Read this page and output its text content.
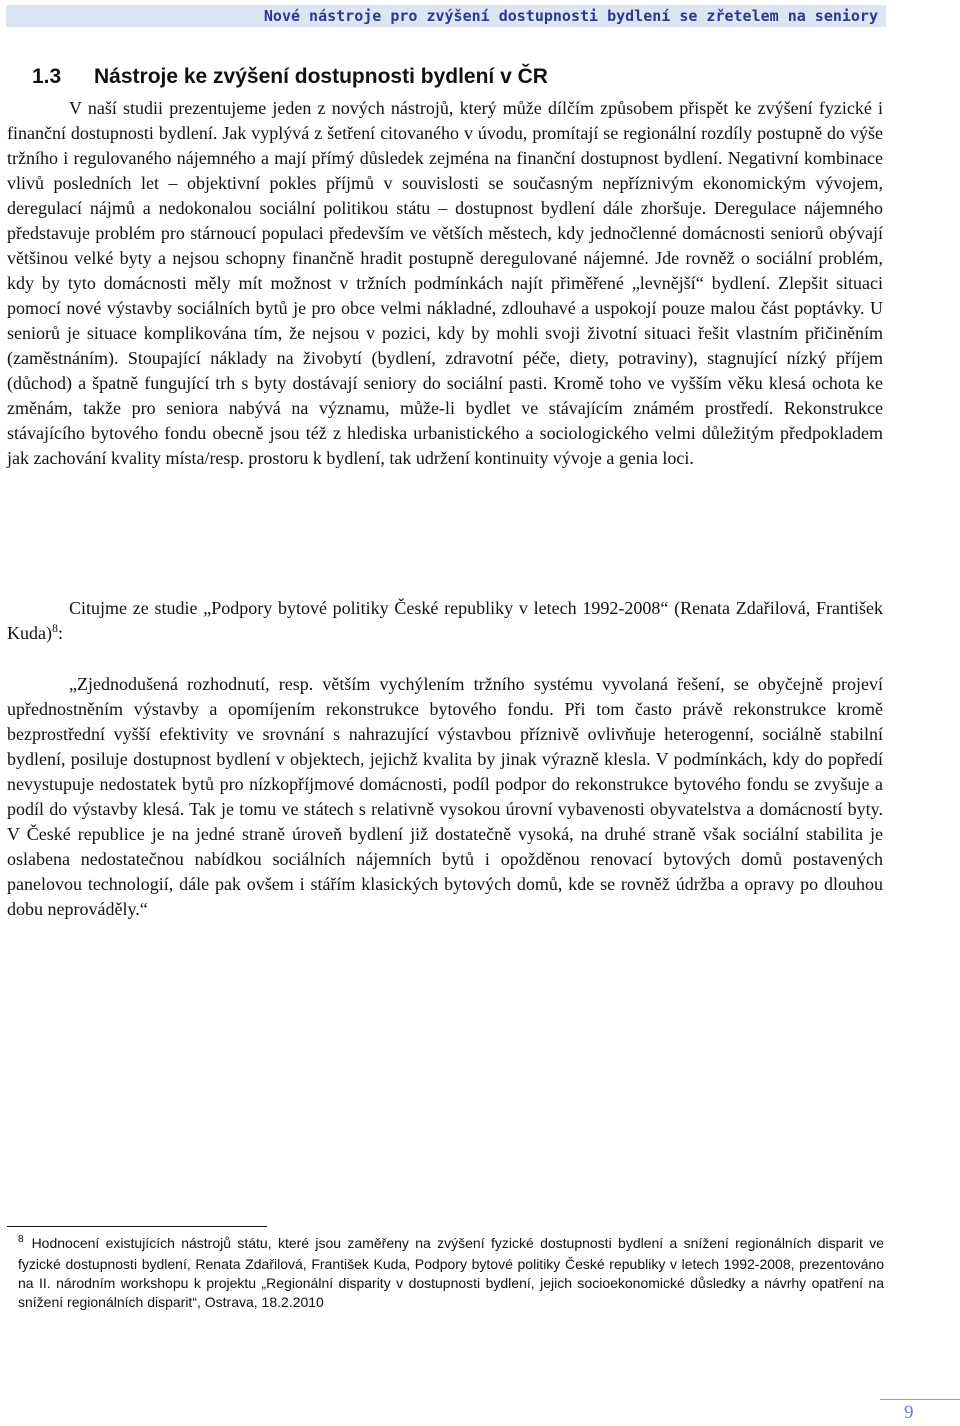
Nové nástroje pro zvýšení dostupnosti bydlení se zřetelem na seniory
1.3 Nástroje ke zvýšení dostupnosti bydlení v ČR

V naší studii prezentujeme jeden z nových nástrojů, který může dílčím způsobem přispět ke zvýšení fyzické i finanční dostupnosti bydlení. Jak vyplývá z šetření citovaného v úvodu, promítají se regionální rozdíly postupně do výše tržního i regulovaného nájemného a mají přímý důsledek zejména na finanční dostupnost bydlení. Negativní kombinace vlivů posledních let – objektivní pokles příjmů v souvislosti se současným nepříznivým ekonomickým vývojem, deregulací nájmů a nedokonalou sociální politikou státu – dostupnost bydlení dále zhoršuje. Deregulace nájemného představuje problém pro stárnoucí populaci především ve větších městech, kdy jednočlenné domácnosti seniorů obývají většinou velké byty a nejsou schopny finančně hradit postupně deregulované nájemné. Jde rovněž o sociální problém, kdy by tyto domácnosti měly mít možnost v tržních podmínkách najít přiměřené „levnější“ bydlení. Zlepšit situaci pomocí nové výstavby sociálních bytů je pro obce velmi nákladné, zdlouhavé a uspokojí pouze malou část poptávky. U seniorů je situace komplikována tím, že nejsou v pozici, kdy by mohli svoji životní situaci řešit vlastním přičiněním (zaměstnáním). Stoupající náklady na živobytí (bydlení, zdravotní péče, diety, potraviny), stagnující nízký příjem (důchod) a špatně fungující trh s byty dostávají seniory do sociální pasti. Kromě toho ve vyšším věku klesá ochota ke změnám, takže pro seniora nabývá na významu, může-li bydlet ve stávajícím známém prostředí. Rekonstrukce stávajícího bytového fondu obecně jsou též z hlediska urbanistického a sociologického velmi důležitým předpokladem jak zachování kvality místa/resp. prostoru k bydlení, tak udržení kontinuity vývoje a genia loci.

Citujme ze studie „Podpory bytové politiky České republiky v letech 1992-2008“ (Renata Zdařilová, František Kuda)$^8$:

„Zjednodušená rozhodnutí, resp. větším vychýlením tržního systému vyvolaná řešení, se obyčejně projeví upřednostněním výstavby a opomíjením rekonstrukce bytového fondu. Při tom často právě rekonstrukce kromě bezprostřední vyšší efektivity ve srovnání s nahrazující výstavbou příznivě ovlivňuje heterogenní, sociálně stabilní bydlení, posiluje dostupnost bydlení v objektech, jejichž kvalita by jinak výrazně klesla. V podmínkách, kdy do popředí nevystupuje nedostatek bytů pro nízkopříjmové domácnosti, podíl podpor do rekonstrukce bytového fondu se zvyšuje a podíl do výstavby klesá. Tak je tomu ve státech s relativně vysokou úrovní vybavenosti obyvatelstva a domácností byty. V České republice je na jedné straně úroveň bydlení již dostatečně vysoká, na druhé straně však sociální stabilita je oslabena nedostatečnou nabídkou sociálních nájemních bytů i opožděnou renovací bytových domů postavených panelovou technologií, dále pak ovšem i stářím klasických bytových domů, kde se rovněž údržba a opravy po dlouhou dobu neprováděly.“

$^8$ Hodnocení existujících nástrojů státu, které jsou zaměřeny na zvýšení fyzické dostupnosti bydlení a snížení regionálních disparit ve fyzické dostupnosti bydlení, Renata Zdařilová, František Kuda, Podpory bytové politiky České republiky v letech 1992-2008, prezentováno na II. národním workshopu k projektu „Regionální disparity v dostupnosti bydlení, jejich socioekonomické důsledky a návrhy opatření na snížení regionálních disparit“, Ostrava, 18.2.2010
9
